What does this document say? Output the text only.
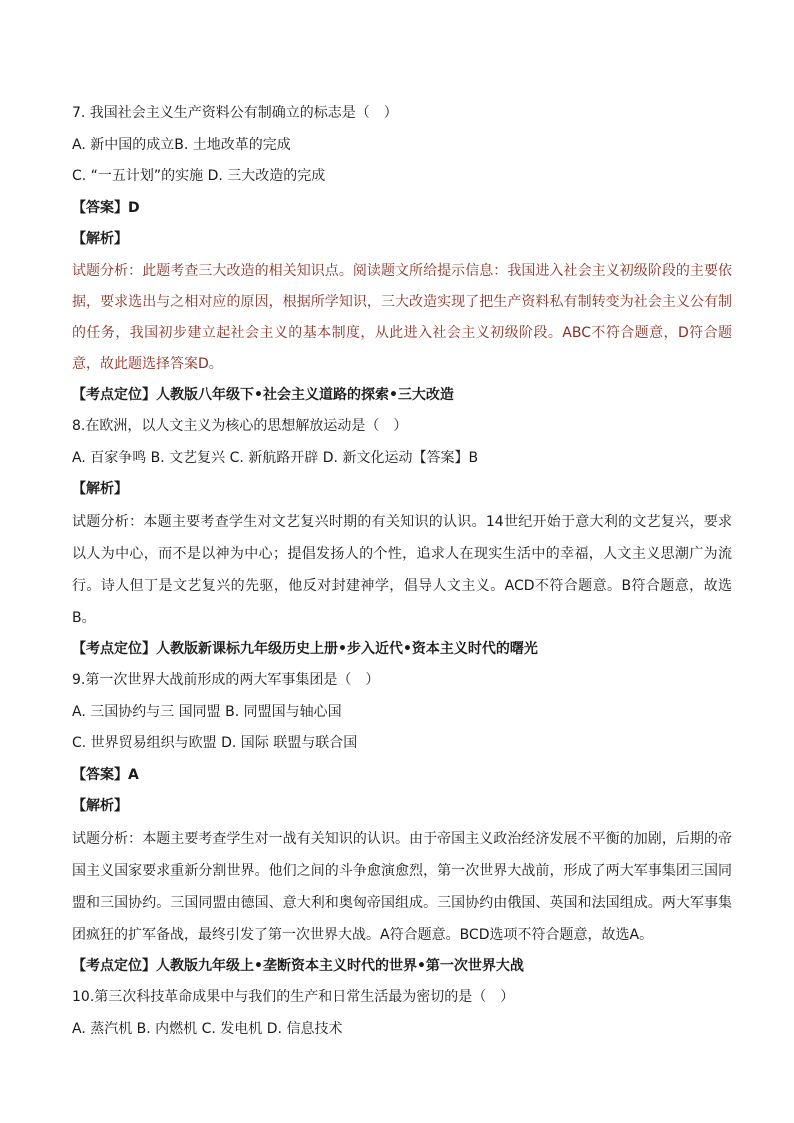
7. 我国社会主义生产资料公有制确立的标志是（　）
A. 新中国的成立B. 土地改革的完成
C. “一五计划”的实施 D. 三大改造的完成
【答案】D
【解析】
试题分析：此题考查三大改造的相关知识点。阅读题文所给提示信息：我国进入社会主义初级阶段的主要依据，要求选出与之相对应的原因，根据所学知识，三大改造实现了把生产资料私有制转变为社会主义公有制的任务，我国初步建立起社会主义的基本制度，从此进入社会主义初级阶段。ABC不符合题意，D符合题意，故此题选择答案D。
【考点定位】人教版八年级下•社会主义道路的探索•三大改造
8.在欧洲，以人文主义为核心的思想解放运动是（　）
A. 百家争鸣 B. 文艺复兴 C. 新航路开辟 D. 新文化运动【答案】B
【解析】
试题分析：本题主要考查学生对文艺复兴时期的有关知识的认识。14世纪开始于意大利的文艺复兴，要求以人为中心，而不是以神为中心；提倡发扬人的个性，追求人在现实生活中的幸福，人文主义思潮广为流行。诗人但丁是文艺复兴的先驱，他反对封建神学，倡导人文主义。ACD不符合题意。B符合题意，故选B。
【考点定位】人教版新课标九年级历史上册•步入近代•资本主义时代的曙光
9.第一次世界大战前形成的两大军事集团是（　）
A. 三国协约与三 国同盟 B. 同盟国与轴心国
C. 世界贸易组织与欧盟 D. 国际 联盟与联合国
【答案】A
【解析】
试题分析：本题主要考查学生对一战有关知识的认识。由于帝国主义政治经济发展不平衡的加剧，后期的帝国主义国家要求重新分割世界。他们之间的斗争愈演愈烈，第一次世界大战前，形成了两大军事集团三国同盟和三国协约。三国同盟由德国、意大利和奥匈帝国组成。三国协约由俄国、英国和法国组成。两大军事集团疯狂的扩军备战，最终引发了第一次世界大战。A符合题意。BCD选项不符合题意，故选A。
【考点定位】人教版九年级上•垄断资本主义时代的世界•第一次世界大战
10.第三次科技革命成果中与我们的生产和日常生活最为密切的是（　）
A. 蒸汽机 B. 内燃机 C. 发电机 D. 信息技术
